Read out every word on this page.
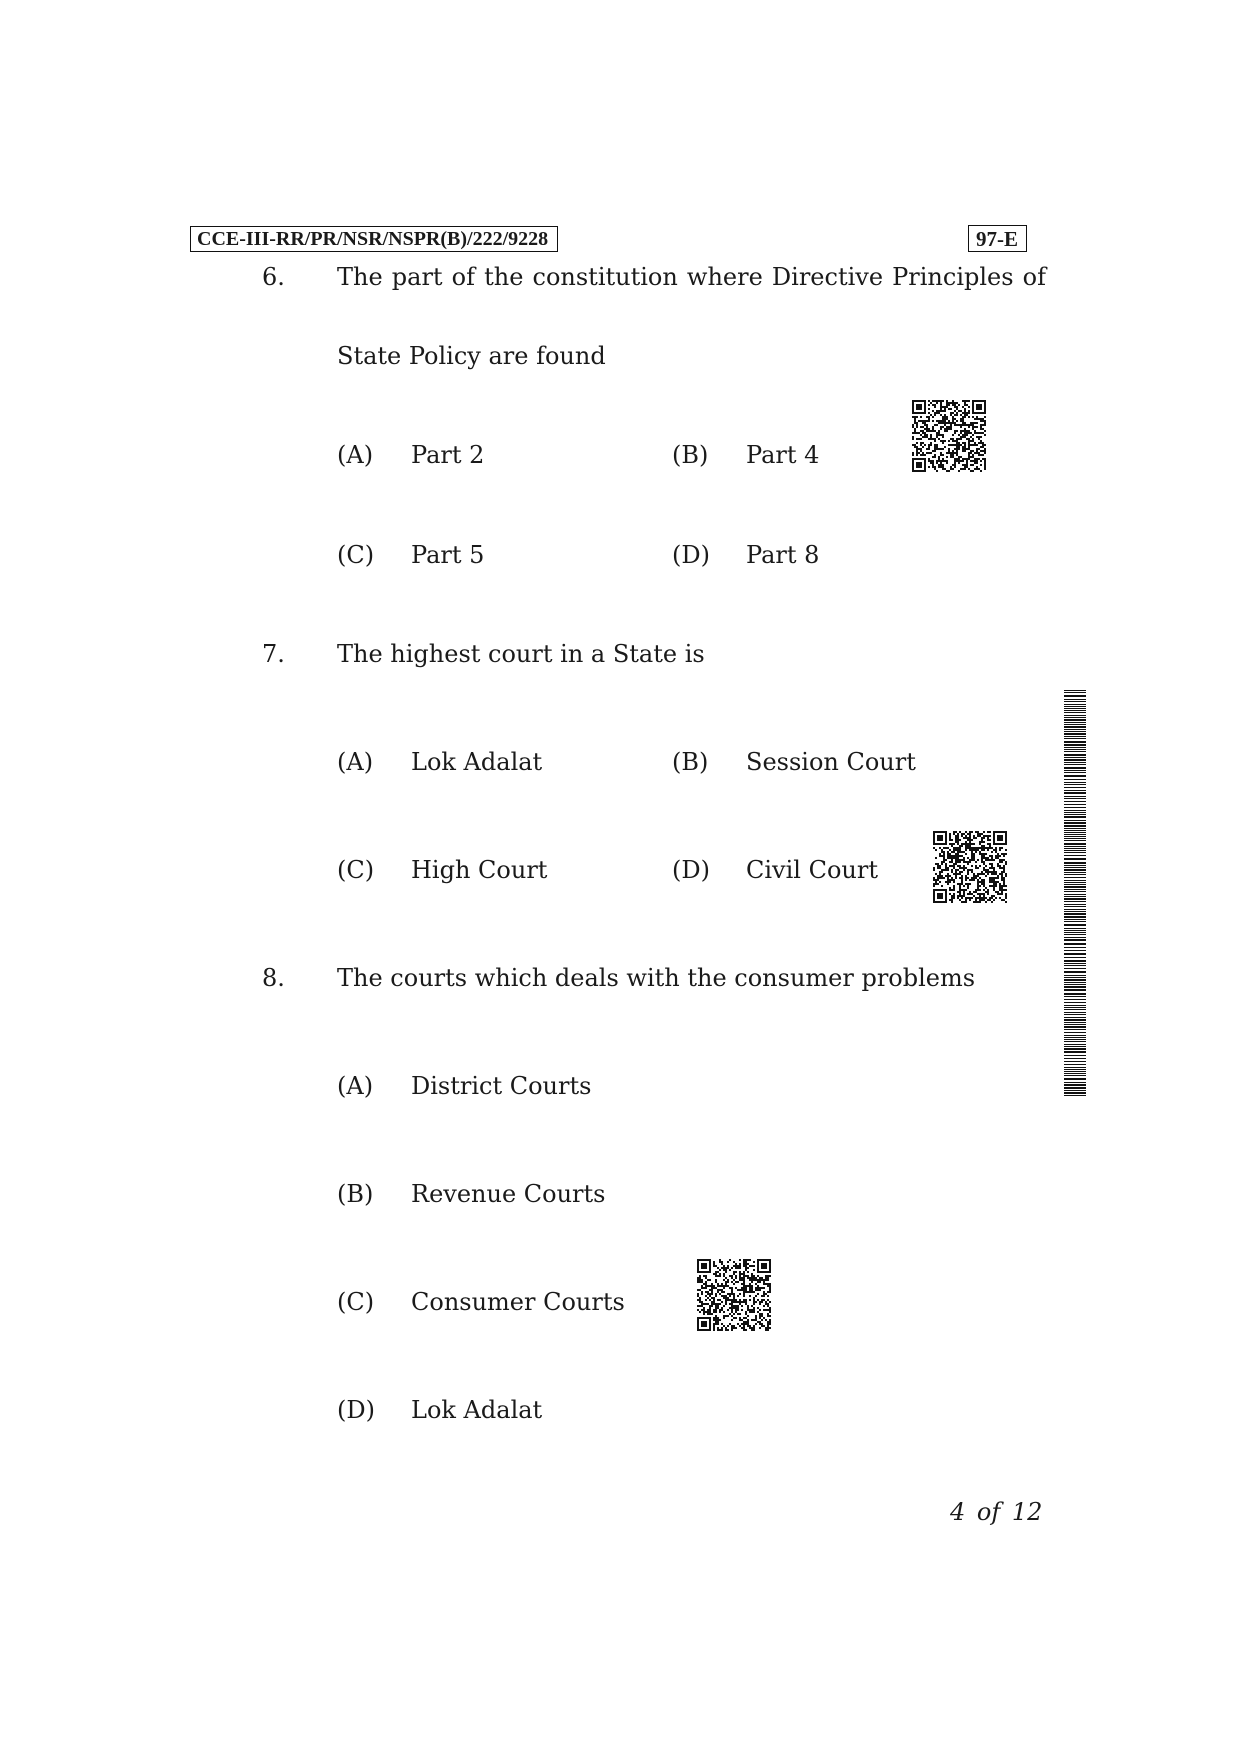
CCE-III-RR/PR/NSR/NSPR(B)/222/9228	97-E
6. The part of the constitution where Directive Principles of
State Policy are found
(A) Part 2	(B) Part 4
(C) Part 5	(D) Part 8
7. The highest court in a State is
(A) Lok Adalat	(B) Session Court
(C) High Court	(D) Civil Court
8. The courts which deals with the consumer problems
(A) District Courts
(B) Revenue Courts
(C) Consumer Courts
(D) Lok Adalat
4 of 12
